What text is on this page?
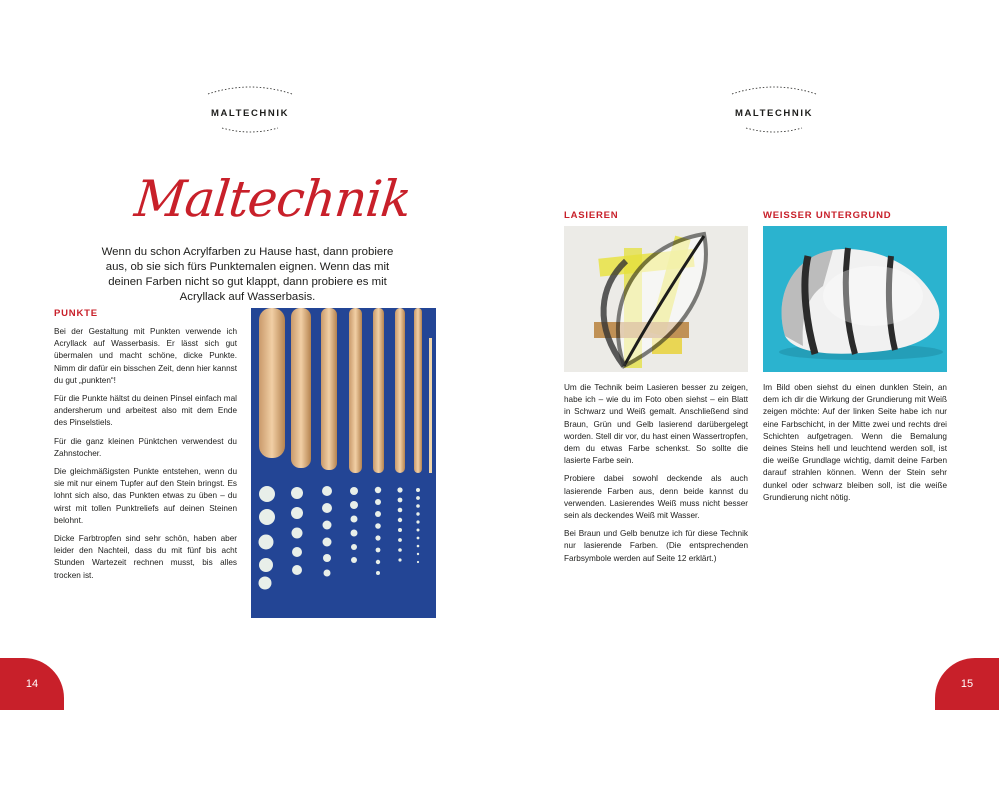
MALTECHNIK
Maltechnik
Wenn du schon Acrylfarben zu Hause hast, dann probiere aus, ob sie sich fürs Punktemalen eignen. Wenn das mit deinen Farben nicht so gut klappt, dann probiere es mit Acryllack auf Wasserbasis.
PUNKTE

Bei der Gestaltung mit Punkten verwende ich Acryllack auf Wasserbasis. Er lässt sich gut übermalen und macht schöne, dicke Punkte. Nimm dir dafür ein bisschen Zeit, denn hier kannst du gut „punkten“!

Für die Punkte hältst du deinen Pinsel einfach mal andersherum und arbeitest also mit dem Ende des Pinselstiels.

Für die ganz kleinen Pünktchen verwendest du Zahnstocher.

Die gleichmäßigsten Punkte entstehen, wenn du sie mit nur einem Tupfer auf den Stein bringst. Es lohnt sich also, das Punkten etwas zu üben – du wirst mit tollen Punktreliefs auf deinen Steinen belohnt.

Dicke Farbtropfen sind sehr schön, haben aber leider den Nachteil, dass du mit fünf bis acht Stunden Wartezeit rechnen musst, bis alles trocken ist.

14
MALTECHNIK
LASIEREN	WEISSER UNTERGRUND

Um die Technik beim Lasieren besser zu zeigen, habe ich – wie du im Foto oben siehst – ein Blatt in Schwarz und Weiß gemalt. Anschließend sind Braun, Grün und Gelb lasierend darübergelegt worden. Stell dir vor, du hast einen Wassertropfen, dem du etwas Farbe schenkst. So sollte die lasierte Farbe sein.

Probiere dabei sowohl deckende als auch lasierende Farben aus, denn beide kannst du verwenden. Lasierendes Weiß muss nicht besser sein als deckendes Weiß mit Wasser.

Bei Braun und Gelb benutze ich für diese Technik nur lasierende Farben. (Die entsprechenden Farbsymbole werden auf Seite 12 erklärt.)

Im Bild oben siehst du einen dunklen Stein, an dem ich dir die Wirkung der Grundierung mit Weiß zeigen möchte: Auf der linken Seite habe ich nur eine Farbschicht, in der Mitte zwei und rechts drei Schichten aufgetragen. Wenn die Bemalung deines Steins hell und leuchtend werden soll, ist die weiße Grundlage wichtig, damit deine Farben darauf strahlen können. Wenn der Stein sehr dunkel oder schwarz bleiben soll, ist die weiße Grundierung nicht nötig.

15
